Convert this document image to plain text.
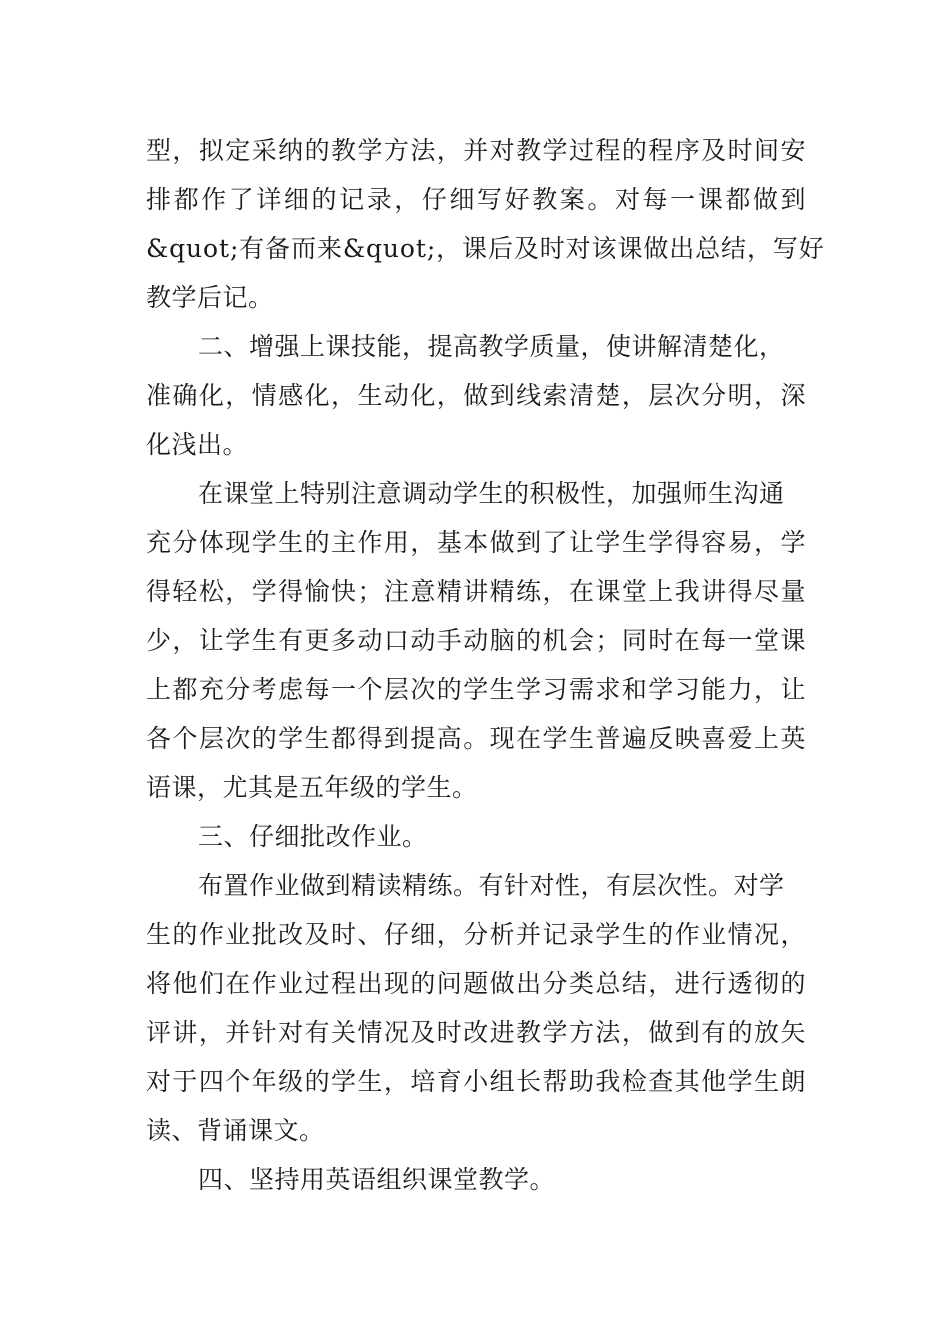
型，拟定采纳的教学方法，并对教学过程的程序及时间安
排都作了详细的记录，仔细写好教案。对每一课都做到
&quot;有备而来&quot;，课后及时对该课做出总结，写好
教学后记。
二、增强上课技能，提高教学质量，使讲解清楚化，
准确化，情感化，生动化，做到线索清楚，层次分明，深
化浅出。
在课堂上特别注意调动学生的积极性，加强师生沟通
充分体现学生的主作用，基本做到了让学生学得容易，学
得轻松，学得愉快；注意精讲精练，在课堂上我讲得尽量
少，让学生有更多动口动手动脑的机会；同时在每一堂课
上都充分考虑每一个层次的学生学习需求和学习能力，让
各个层次的学生都得到提高。现在学生普遍反映喜爱上英
语课，尤其是五年级的学生。
三、仔细批改作业。
布置作业做到精读精练。有针对性，有层次性。对学
生的作业批改及时、仔细，分析并记录学生的作业情况，
将他们在作业过程出现的问题做出分类总结，进行透彻的
评讲，并针对有关情况及时改进教学方法，做到有的放矢
对于四个年级的学生，培育小组长帮助我检查其他学生朗
读、背诵课文。
四、坚持用英语组织课堂教学。
